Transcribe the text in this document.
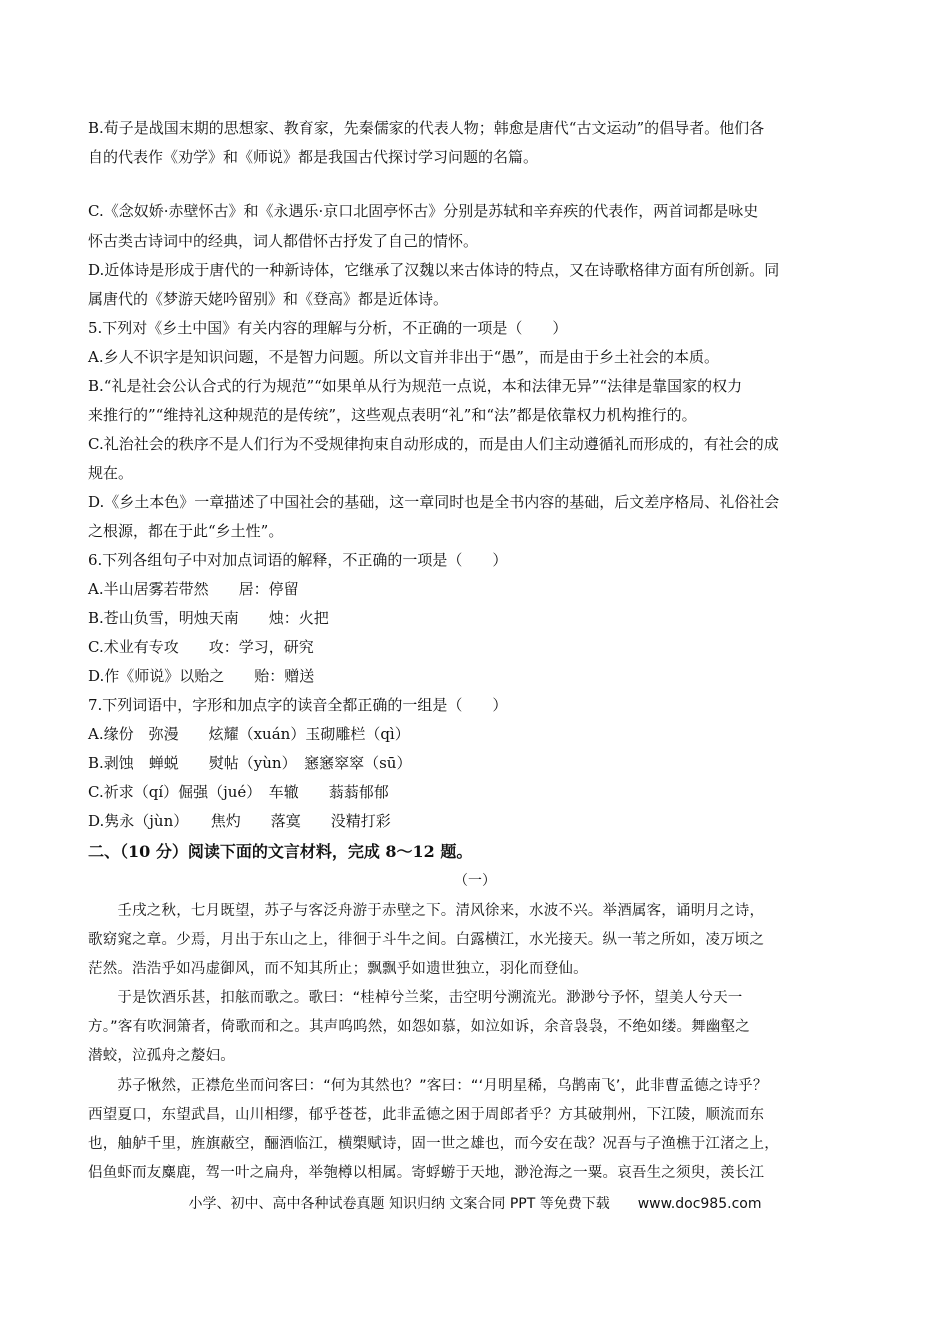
B.荀子是战国末期的思想家、教育家，先秦儒家的代表人物；韩愈是唐代“古文运动”的倡导者。他们各
自的代表作《劝学》和《师说》都是我国古代探讨学习问题的名篇。
C.《念奴娇·赤壁怀古》和《永遇乐·京口北固亭怀古》分别是苏轼和辛弃疾的代表作，两首词都是咏史
怀古类古诗词中的经典，词人都借怀古抒发了自己的情怀。
D.近体诗是形成于唐代的一种新诗体，它继承了汉魏以来古体诗的特点，又在诗歌格律方面有所创新。同
属唐代的《梦游天姥吟留别》和《登高》都是近体诗。
5.下列对《乡土中国》有关内容的理解与分析，不正确的一项是（　　）
A.乡人不识字是知识问题，不是智力问题。所以文盲并非出于“愚”，而是由于乡土社会的本质。
B.“礼是社会公认合式的行为规范”“如果单从行为规范一点说，本和法律无异”“法律是靠国家的权力
来推行的”“维持礼这种规范的是传统”，这些观点表明“礼”和“法”都是依靠权力机构推行的。
C.礼治社会的秩序不是人们行为不受规律拘束自动形成的，而是由人们主动遵循礼而形成的，有社会的成
规在。
D.《乡土本色》一章描述了中国社会的基础，这一章同时也是全书内容的基础，后文差序格局、礼俗社会
之根源，都在于此“乡土性”。
6.下列各组句子中对加点词语的解释，不正确的一项是（　　）
A.半山居雾若带然　　居：停留
B.苍山负雪，明烛天南　　烛：火把
C.术业有专攻　　攻：学习，研究
D.作《师说》以贻之　　贻：赠送
7.下列词语中，字形和加点字的读音全都正确的一组是（　　）
A.缘份　弥漫　　炫耀（xuán）玉砌雕栏（qì）
B.剥蚀　蝉蜕　　熨帖（yùn）　窸窸窣窣（sū）
C.祈求（qí）倔强（jué）　车辙　　蓊蓊郁郁
D.隽永（jùn）　　焦灼　　落寞　　没精打彩
二、（10 分）阅读下面的文言材料，完成 8～12 题。
（一）
　　壬戌之秋，七月既望，苏子与客泛舟游于赤壁之下。清风徐来，水波不兴。举酒属客，诵明月之诗，
歌窈窕之章。少焉，月出于东山之上，徘徊于斗牛之间。白露横江，水光接天。纵一苇之所如，凌万顷之
茫然。浩浩乎如冯虚御风，而不知其所止；飘飘乎如遗世独立，羽化而登仙。
　　于是饮酒乐甚，扣舷而歌之。歌曰：“桂棹兮兰桨，击空明兮溯流光。渺渺兮予怀，望美人兮天一
方。”客有吹洞箫者，倚歌而和之。其声呜呜然，如怨如慕，如泣如诉，余音袅袅，不绝如缕。舞幽壑之
潜蛟，泣孤舟之嫠妇。
　　苏子愀然，正襟危坐而问客曰：“何为其然也？”客曰：“‘月明星稀，乌鹊南飞’，此非曹孟德之诗乎？
西望夏口，东望武昌，山川相缪，郁乎苍苍，此非孟德之困于周郎者乎？方其破荆州，下江陵，顺流而东
也，舳舻千里，旌旗蔽空，酾酒临江，横槊赋诗，固一世之雄也，而今安在哉？况吾与子渔樵于江渚之上，
侣鱼虾而友麋鹿，驾一叶之扁舟，举匏樽以相属。寄蜉蝣于天地，渺沧海之一粟。哀吾生之须臾，羡长江
小学、初中、高中各种试卷真题 知识归纳 文案合同 PPT 等免费下载　　www.doc985.com
